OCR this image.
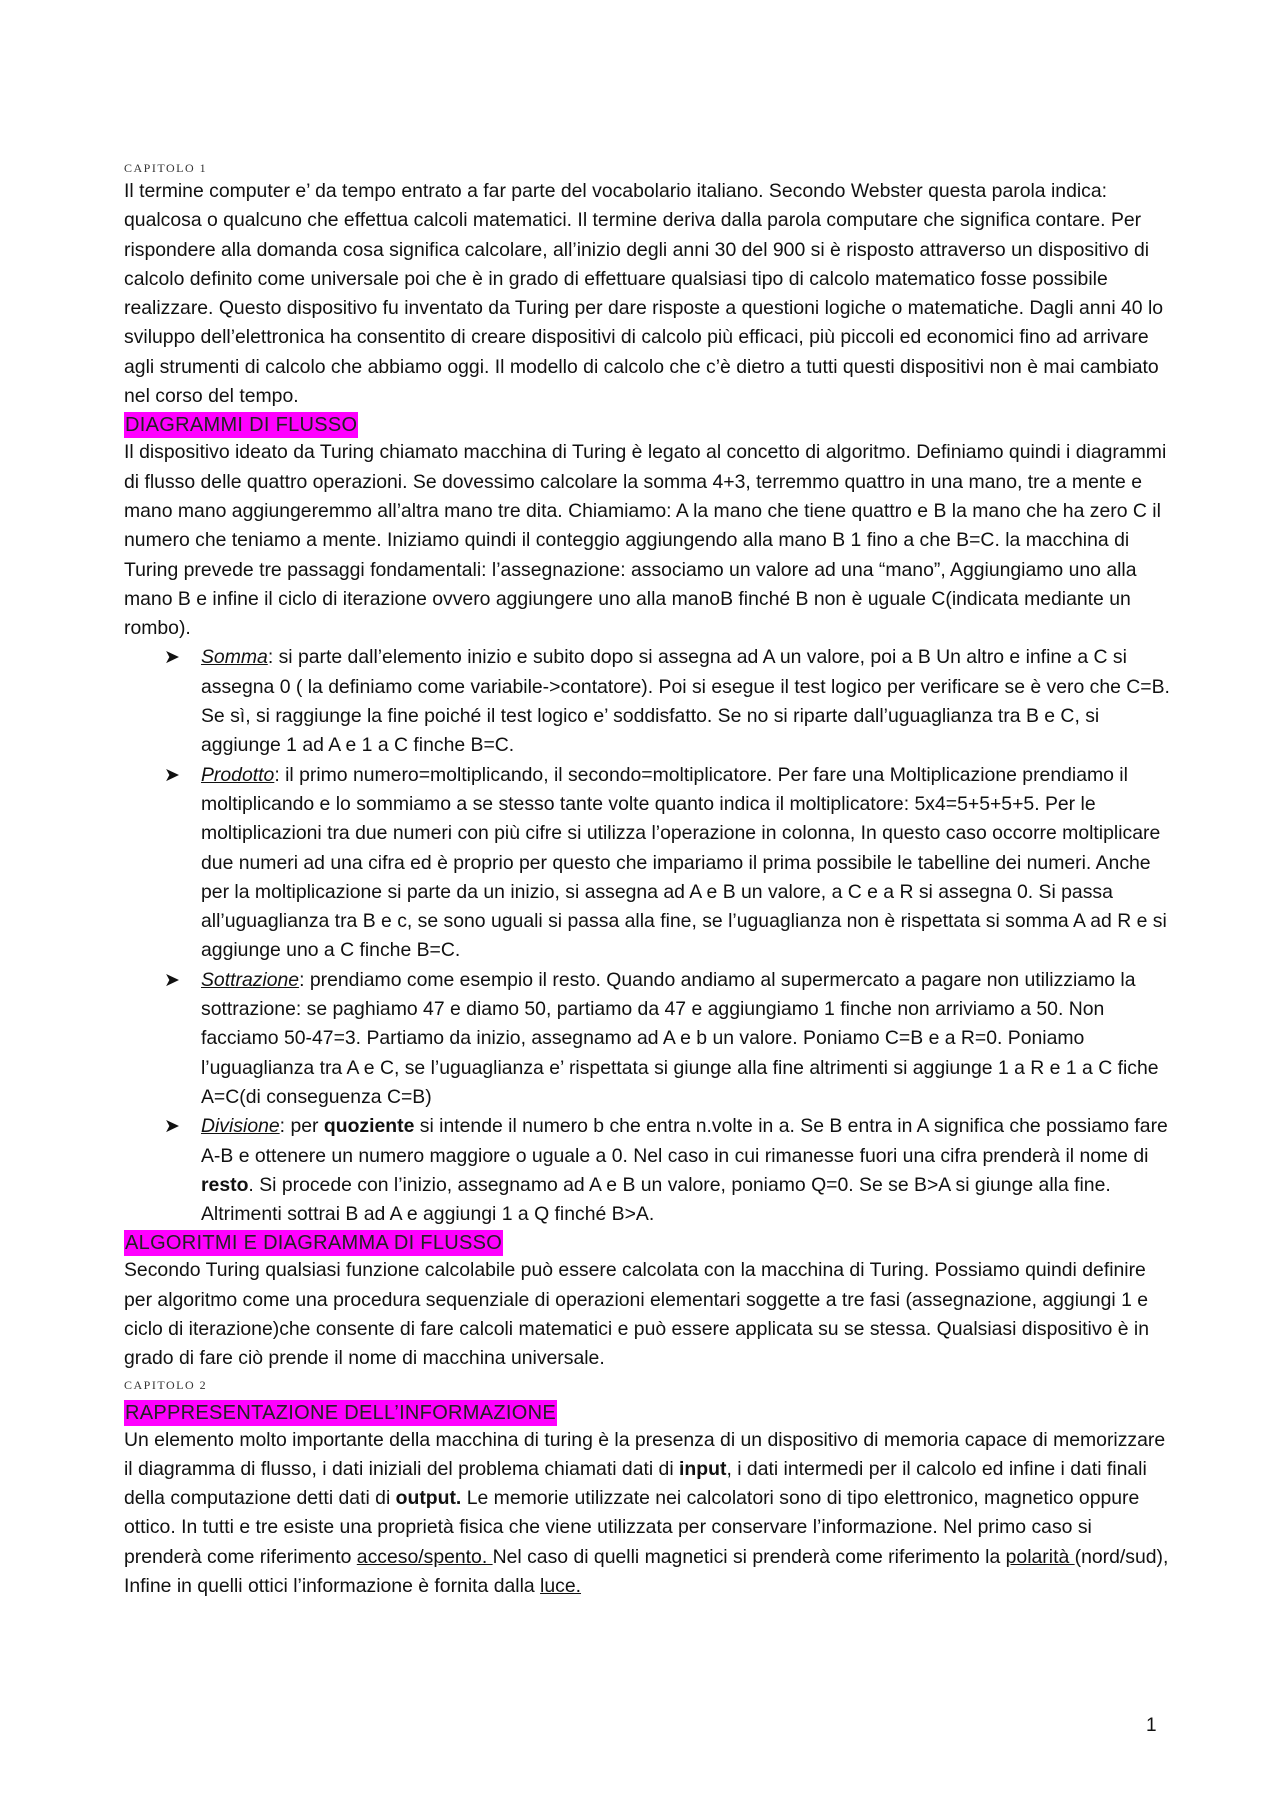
CAPITOLO 1

Il termine computer e’ da tempo entrato a far parte del vocabolario italiano. Secondo Webster questa parola indica: qualcosa o qualcuno che effettua calcoli matematici. Il termine deriva dalla parola computare che significa contare. Per rispondere alla domanda cosa significa calcolare, all’inizio degli anni 30 del 900 si è risposto attraverso un dispositivo di calcolo definito come universale poi che è in grado di effettuare qualsiasi tipo di calcolo matematico fosse possibile realizzare. Questo dispositivo fu inventato da Turing per dare risposte a questioni logiche o matematiche. Dagli anni 40 lo sviluppo dell’elettronica ha consentito di creare dispositivi di calcolo più efficaci, più piccoli ed economici fino ad arrivare agli strumenti di calcolo che abbiamo oggi. Il modello di calcolo che c’è dietro a tutti questi dispositivi non è mai cambiato nel corso del tempo.

DIAGRAMMI DI FLUSSO

Il dispositivo ideato da Turing chiamato macchina di Turing è legato al concetto di algoritmo. Definiamo quindi i diagrammi di flusso delle quattro operazioni. Se dovessimo calcolare la somma 4+3, terremmo quattro in una mano, tre a mente e mano mano aggiungeremmo all’altra mano tre dita. Chiamiamo: A la mano che tiene quattro e B la mano che ha zero C il numero che teniamo a mente. Iniziamo quindi il conteggio aggiungendo alla mano B 1 fino a che B=C. la macchina di Turing prevede tre passaggi fondamentali: l’assegnazione: associamo un valore ad una “mano”, Aggiungiamo uno alla mano B e infine il ciclo di iterazione ovvero aggiungere uno alla manoB finché B non è uguale C(indicata mediante un rombo).

➤ Somma: si parte dall’elemento inizio e subito dopo si assegna ad A un valore, poi a B Un altro e infine a C si assegna 0 ( la definiamo come variabile->contatore). Poi si esegue il test logico per verificare se è vero che C=B. Se sì, si raggiunge la fine poiché il test logico e’ soddisfatto. Se no si riparte dall’uguaglianza tra B e C, si aggiunge 1 ad A e 1 a C finche B=C.
➤ Prodotto: il primo numero=moltiplicando, il secondo=moltiplicatore. Per fare una Moltiplicazione prendiamo il moltiplicando e lo sommiamo a se stesso tante volte quanto indica il moltiplicatore: 5x4=5+5+5+5. Per le moltiplicazioni tra due numeri con più cifre si utilizza l’operazione in colonna, In questo caso occorre moltiplicare due numeri ad una cifra ed è proprio per questo che impariamo il prima possibile le tabelline dei numeri. Anche per la moltiplicazione si parte da un inizio, si assegna ad A e B un valore, a C e a R si assegna 0. Si passa all’uguaglianza tra B e c, se sono uguali si passa alla fine, se l’uguaglianza non è rispettata si somma A ad R e si aggiunge uno a C finche B=C.
➤ Sottrazione: prendiamo come esempio il resto. Quando andiamo al supermercato a pagare non utilizziamo la sottrazione: se paghiamo 47 e diamo 50, partiamo da 47 e aggiungiamo 1 finche non arriviamo a 50. Non facciamo 50-47=3. Partiamo da inizio, assegnamo ad A e b un valore. Poniamo C=B e a R=0. Poniamo l’uguaglianza tra A e C, se l’uguaglianza e’ rispettata si giunge alla fine altrimenti si aggiunge 1 a R e 1 a C fiche A=C(di conseguenza C=B)
➤ Divisione: per quoziente si intende il numero b che entra n.volte in a. Se B entra in A significa che possiamo fare A-B e ottenere un numero maggiore o uguale a 0. Nel caso in cui rimanesse fuori una cifra prenderà il nome di resto. Si procede con l’inizio, assegnamo ad A e B un valore, poniamo Q=0. Se se B>A si giunge alla fine. Altrimenti sottrai B ad A e aggiungi 1 a Q finché B>A.
ALGORITMI E DIAGRAMMA DI FLUSSO

Secondo Turing qualsiasi funzione calcolabile può essere calcolata con la macchina di Turing. Possiamo quindi definire per algoritmo come una procedura sequenziale di operazioni elementari soggette a tre fasi (assegnazione, aggiungi 1 e ciclo di iterazione)che consente di fare calcoli matematici e può essere applicata su se stessa. Qualsiasi dispositivo è in grado di fare ciò prende il nome di macchina universale.

CAPITOLO 2
RAPPRESENTAZIONE DELL’INFORMAZIONE

Un elemento molto importante della macchina di turing è la presenza di un dispositivo di memoria capace di memorizzare il diagramma di flusso, i dati iniziali del problema chiamati dati di input, i dati intermedi per il calcolo ed infine i dati finali della computazione detti dati di output. Le memorie utilizzate nei calcolatori sono di tipo elettronico, magnetico oppure ottico. In tutti e tre esiste una proprietà fisica che viene utilizzata per conservare l’informazione. Nel primo caso si prenderà come riferimento acceso/spento. Nel caso di quelli magnetici si prenderà come riferimento la polarità (nord/sud), Infine in quelli ottici l’informazione è fornita dalla luce.

1
